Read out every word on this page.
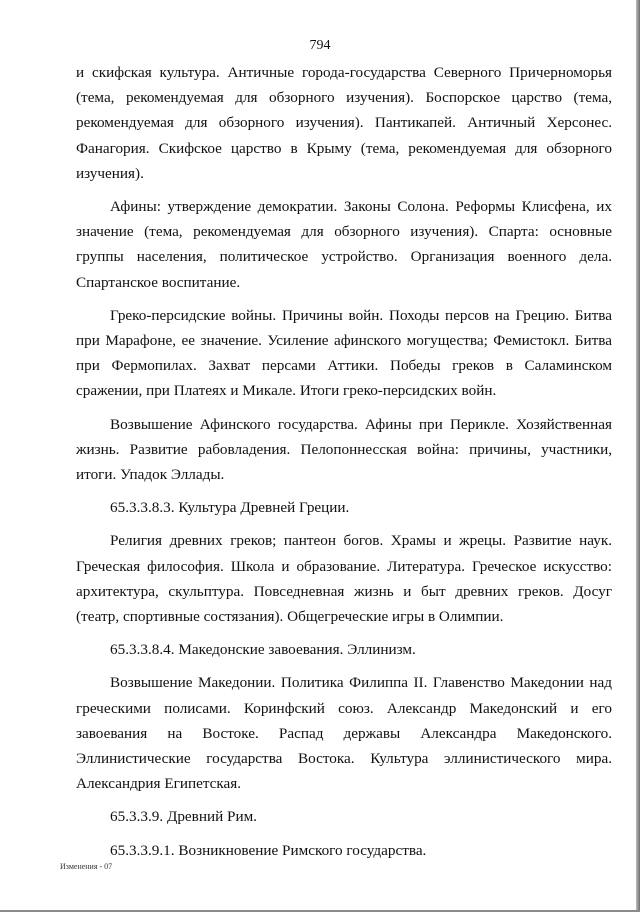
794

и скифская культура. Античные города-государства Северного Причерноморья (тема, рекомендуемая для обзорного изучения). Боспорское царство (тема, рекомендуемая для обзорного изучения). Пантикапей. Античный Херсонес. Фанагория. Скифское царство в Крыму (тема, рекомендуемая для обзорного изучения).

Афины: утверждение демократии. Законы Солона. Реформы Клисфена, их значение (тема, рекомендуемая для обзорного изучения). Спарта: основные группы населения, политическое устройство. Организация военного дела. Спартанское воспитание.

Греко-персидские войны. Причины войн. Походы персов на Грецию. Битва при Марафоне, ее значение. Усиление афинского могущества; Фемистокл. Битва при Фермопилах. Захват персами Аттики. Победы греков в Саламинском сражении, при Платеях и Микале. Итоги греко-персидских войн.

Возвышение Афинского государства. Афины при Перикле. Хозяйственная жизнь. Развитие рабовладения. Пелопоннесская война: причины, участники, итоги. Упадок Эллады.

65.3.3.8.3. Культура Древней Греции.

Религия древних греков; пантеон богов. Храмы и жрецы. Развитие наук. Греческая философия. Школа и образование. Литература. Греческое искусство: архитектура, скульптура. Повседневная жизнь и быт древних греков. Досуг (театр, спортивные состязания). Общегреческие игры в Олимпии.

65.3.3.8.4. Македонские завоевания. Эллинизм.

Возвышение Македонии. Политика Филиппа II. Главенство Македонии над греческими полисами. Коринфский союз. Александр Македонский и его завоевания на Востоке. Распад державы Александра Македонского. Эллинистические государства Востока. Культура эллинистического мира. Александрия Египетская.

65.3.3.9. Древний Рим.

65.3.3.9.1. Возникновение Римского государства.

Изменения - 07
